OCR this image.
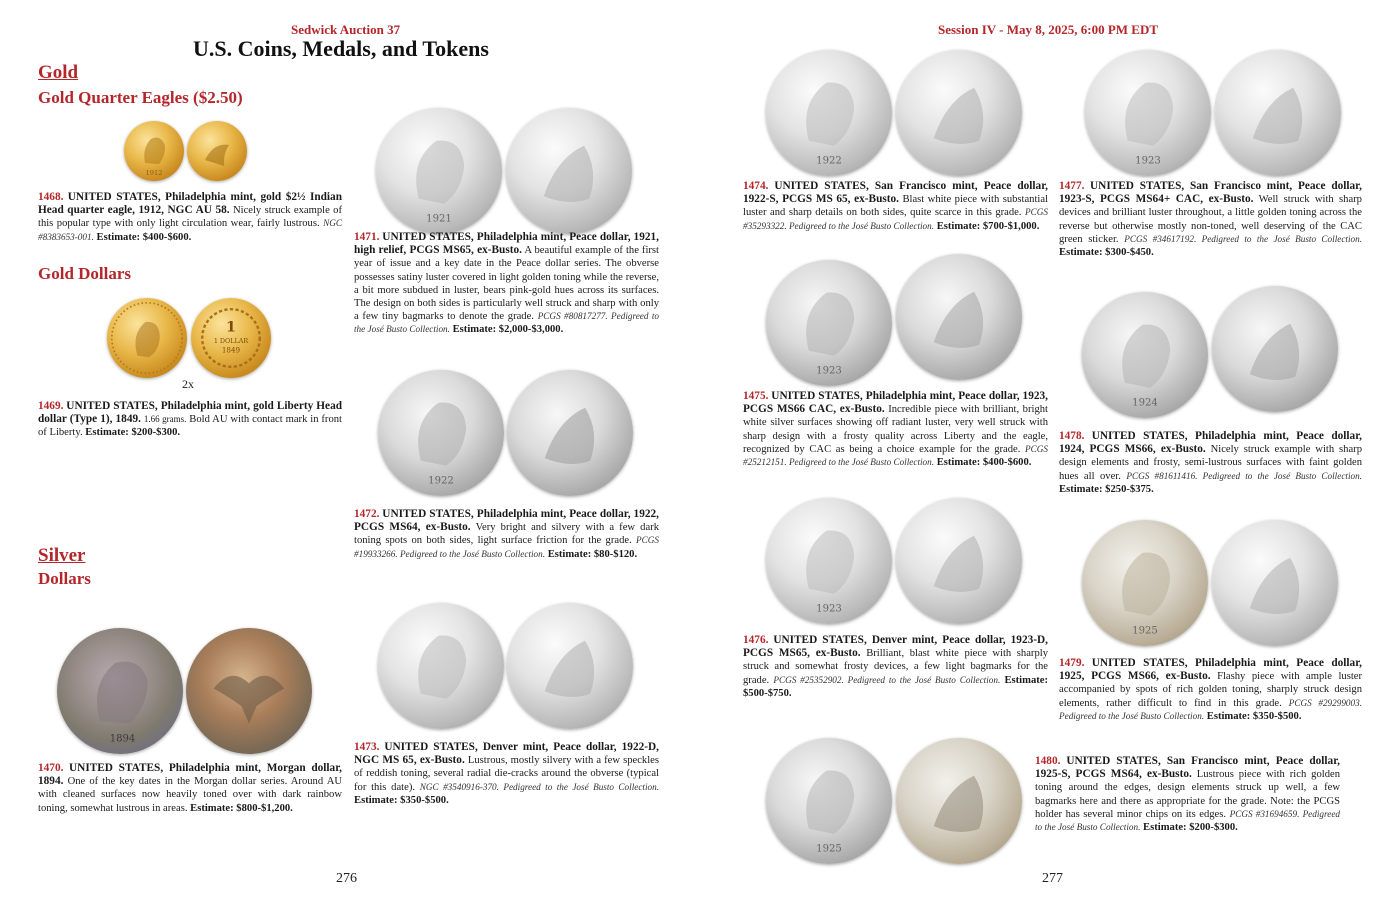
Sedwick Auction 37
U.S. Coins, Medals, and Tokens
Gold
Gold Quarter Eagles ($2.50)
1912
1468. UNITED STATES, Philadelphia mint, gold $2½ Indian Head quarter eagle, 1912, NGC AU 58. Nicely struck example of this popular type with only light circulation wear, fairly lustrous. NGC #8383653-001. Estimate: $400-$600.
Gold Dollars
1
1 DOLLAR
1849
2x
1469. UNITED STATES, Philadelphia mint, gold Liberty Head dollar (Type 1), 1849. 1.66 grams. Bold AU with contact mark in front of Liberty. Estimate: $200-$300.
Silver
Dollars
1894
1470. UNITED STATES, Philadelphia mint, Morgan dollar, 1894. One of the key dates in the Morgan dollar series. Around AU with cleaned surfaces now heavily toned over with dark rainbow toning, somewhat lustrous in areas. Estimate: $800-$1,200.
1921
1471. UNITED STATES, Philadelphia mint, Peace dollar, 1921, high relief, PCGS MS65, ex-Busto. A beautiful example of the first year of issue and a key date in the Peace dollar series. The obverse possesses satiny luster covered in light golden toning while the reverse, a bit more subdued in luster, bears pink-gold hues across its surfaces. The design on both sides is particularly well struck and sharp with only a few tiny bagmarks to denote the grade. PCGS #80817277. Pedigreed to the José Busto Collection. Estimate: $2,000-$3,000.
1922
1472. UNITED STATES, Philadelphia mint, Peace dollar, 1922, PCGS MS64, ex-Busto. Very bright and silvery with a few dark toning spots on both sides, light surface friction for the grade. PCGS #19933266. Pedigreed to the José Busto Collection. Estimate: $80-$120.
1473. UNITED STATES, Denver mint, Peace dollar, 1922-D, NGC MS 65, ex-Busto. Lustrous, mostly silvery with a few speckles of reddish toning, several radial die-cracks around the obverse (typical for this date). NGC #3540916-370. Pedigreed to the José Busto Collection. Estimate: $350-$500.
276
Session IV - May 8, 2025, 6:00 PM EDT
1922
1474. UNITED STATES, San Francisco mint, Peace dollar, 1922-S, PCGS MS 65, ex-Busto. Blast white piece with substantial luster and sharp details on both sides, quite scarce in this grade. PCGS #35293322. Pedigreed to the José Busto Collection. Estimate: $700-$1,000.
1923
1475. UNITED STATES, Philadelphia mint, Peace dollar, 1923, PCGS MS66 CAC, ex-Busto. Incredible piece with brilliant, bright white silver surfaces showing off radiant luster, very well struck with sharp design with a frosty quality across Liberty and the eagle, recognized by CAC as being a choice example for the grade. PCGS #25212151. Pedigreed to the José Busto Collection. Estimate: $400-$600.
1923
1476. UNITED STATES, Denver mint, Peace dollar, 1923-D, PCGS MS65, ex-Busto. Brilliant, blast white piece with sharply struck and somewhat frosty devices, a few light bagmarks for the grade. PCGS #25352902. Pedigreed to the José Busto Collection. Estimate: $500-$750.
1925
1923
1477. UNITED STATES, San Francisco mint, Peace dollar, 1923-S, PCGS MS64+ CAC, ex-Busto. Well struck with sharp devices and brilliant luster throughout, a little golden toning across the reverse but otherwise mostly non-toned, well deserving of the CAC green sticker. PCGS #34617192. Pedigreed to the José Busto Collection. Estimate: $300-$450.
1924
1478. UNITED STATES, Philadelphia mint, Peace dollar, 1924, PCGS MS66, ex-Busto. Nicely struck example with sharp design elements and frosty, semi-lustrous surfaces with faint golden hues all over. PCGS #81611416. Pedigreed to the José Busto Collection. Estimate: $250-$375.
1925
1479. UNITED STATES, Philadelphia mint, Peace dollar, 1925, PCGS MS66, ex-Busto. Flashy piece with ample luster accompanied by spots of rich golden toning, sharply struck design elements, rather difficult to find in this grade. PCGS #29299003. Pedigreed to the José Busto Collection. Estimate: $350-$500.
1480. UNITED STATES, San Francisco mint, Peace dollar, 1925-S, PCGS MS64, ex-Busto. Lustrous piece with rich golden toning around the edges, design elements struck up well, a few bagmarks here and there as appropriate for the grade. Note: the PCGS holder has several minor chips on its edges. PCGS #31694659. Pedigreed to the José Busto Collection. Estimate: $200-$300.
277
